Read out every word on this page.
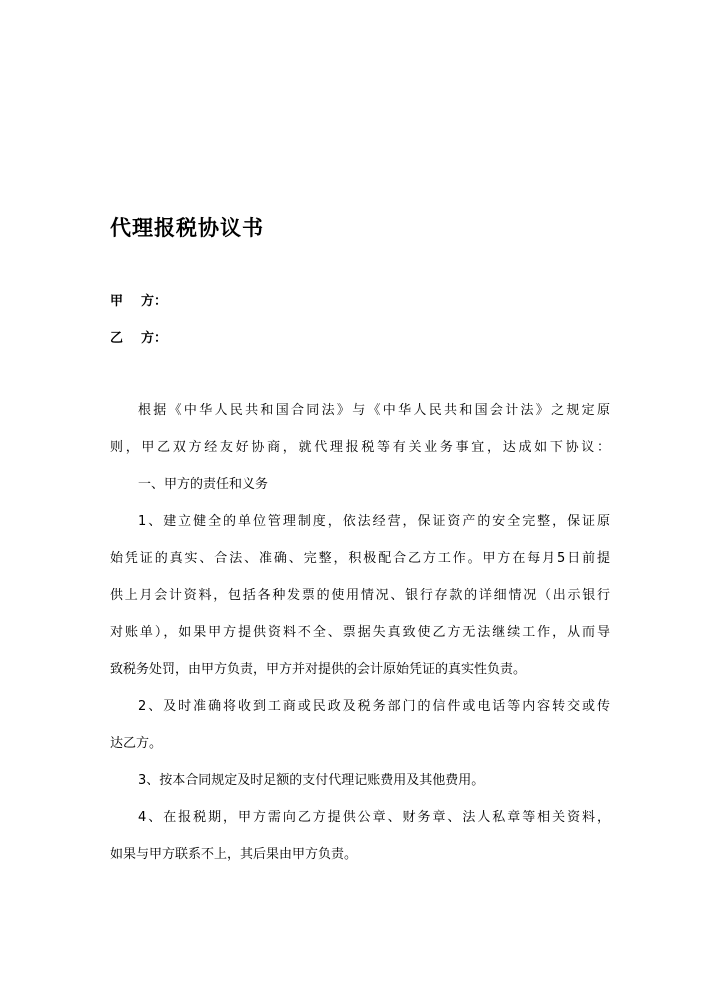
代理报税协议书
甲 方：
乙 方：
根据《中华人民共和国合同法》与《中华人民共和国会计法》之规定原
则，甲乙双方经友好协商，就代理报税等有关业务事宜，达成如下协议：
一、甲方的责任和义务
1、建立健全的单位管理制度，依法经营，保证资产的安全完整，保证原
始凭证的真实、合法、准确、完整，积极配合乙方工作。甲方在每月5日前提
供上月会计资料，包括各种发票的使用情况、银行存款的详细情况（出示银行
对账单），如果甲方提供资料不全、票据失真致使乙方无法继续工作，从而导
致税务处罚，由甲方负责，甲方并对提供的会计原始凭证的真实性负责。
2、及时准确将收到工商或民政及税务部门的信件或电话等内容转交或传
达乙方。
3、按本合同规定及时足额的支付代理记账费用及其他费用。
4、在报税期，甲方需向乙方提供公章、财务章、法人私章等相关资料，
如果与甲方联系不上，其后果由甲方负责。
